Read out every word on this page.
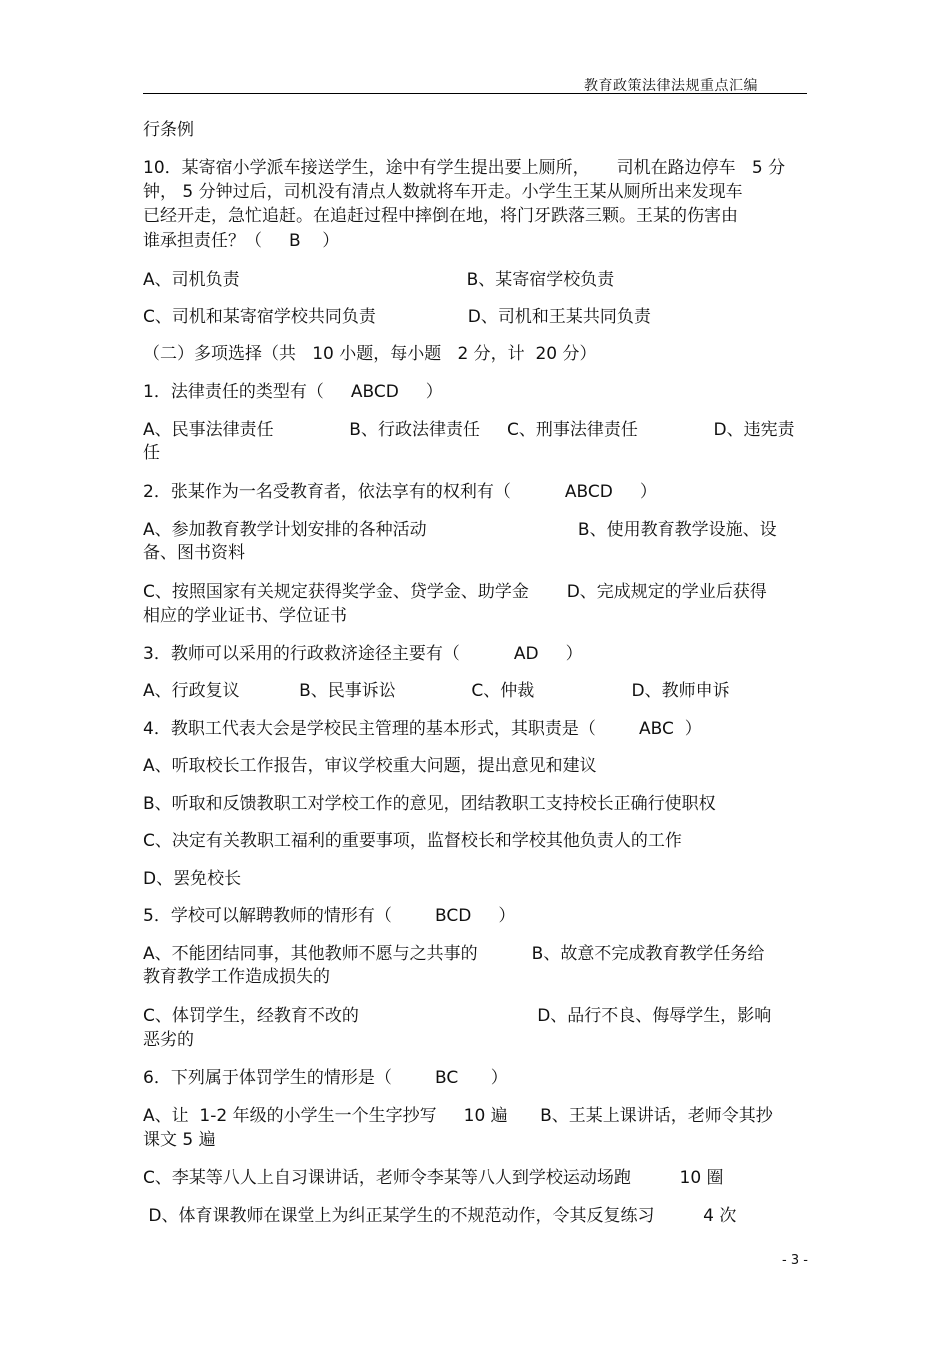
教育政策法律法规重点汇编
行条例
10．某寄宿小学派车接送学生，途中有学生提出要上厕所，     司机在路边停车   5 分
钟， 5 分钟过后，司机没有清点人数就将车开走。小学生王某从厕所出来发现车
已经开走，急忙追赶。在追赶过程中摔倒在地，将门牙跌落三颗。王某的伤害由
谁承担责任？（     B    ）
A、司机负责                                          B、某寄宿学校负责
C、司机和某寄宿学校共同负责                 D、司机和王某共同负责
（二）多项选择（共   10 小题，每小题   2 分，计  20 分）
1．法律责任的类型有（     ABCD     ）
A、民事法律责任              B、行政法律责任     C、刑事法律责任              D、违宪责
任
2．张某作为一名受教育者，依法享有的权利有（          ABCD     ）
A、参加教育教学计划安排的各种活动                            B、使用教育教学设施、设
备、图书资料
C、按照国家有关规定获得奖学金、贷学金、助学金       D、完成规定的学业后获得
相应的学业证书、学位证书
3．教师可以采用的行政救济途径主要有（          AD     ）
A、行政复议           B、民事诉讼              C、仲裁                  D、教师申诉
4．教职工代表大会是学校民主管理的基本形式，其职责是（        ABC  ）
A、听取校长工作报告，审议学校重大问题，提出意见和建议
B、听取和反馈教职工对学校工作的意见，团结教职工支持校长正确行使职权
C、决定有关教职工福利的重要事项，监督校长和学校其他负责人的工作
D、罢免校长
5．学校可以解聘教师的情形有（        BCD     ）
A、不能团结同事，其他教师不愿与之共事的          B、故意不完成教育教学任务给
教育教学工作造成损失的
C、体罚学生，经教育不改的                                 D、品行不良、侮辱学生，影响
恶劣的
6．下列属于体罚学生的情形是（        BC      ）
A、让  1-2 年级的小学生一个生字抄写     10 遍      B、王某上课讲话，老师令其抄
课文 5 遍
C、李某等八人上自习课讲话，老师令李某等八人到学校运动场跑         10 圈
D、体育课教师在课堂上为纠正某学生的不规范动作，令其反复练习         4 次
- 3 -
